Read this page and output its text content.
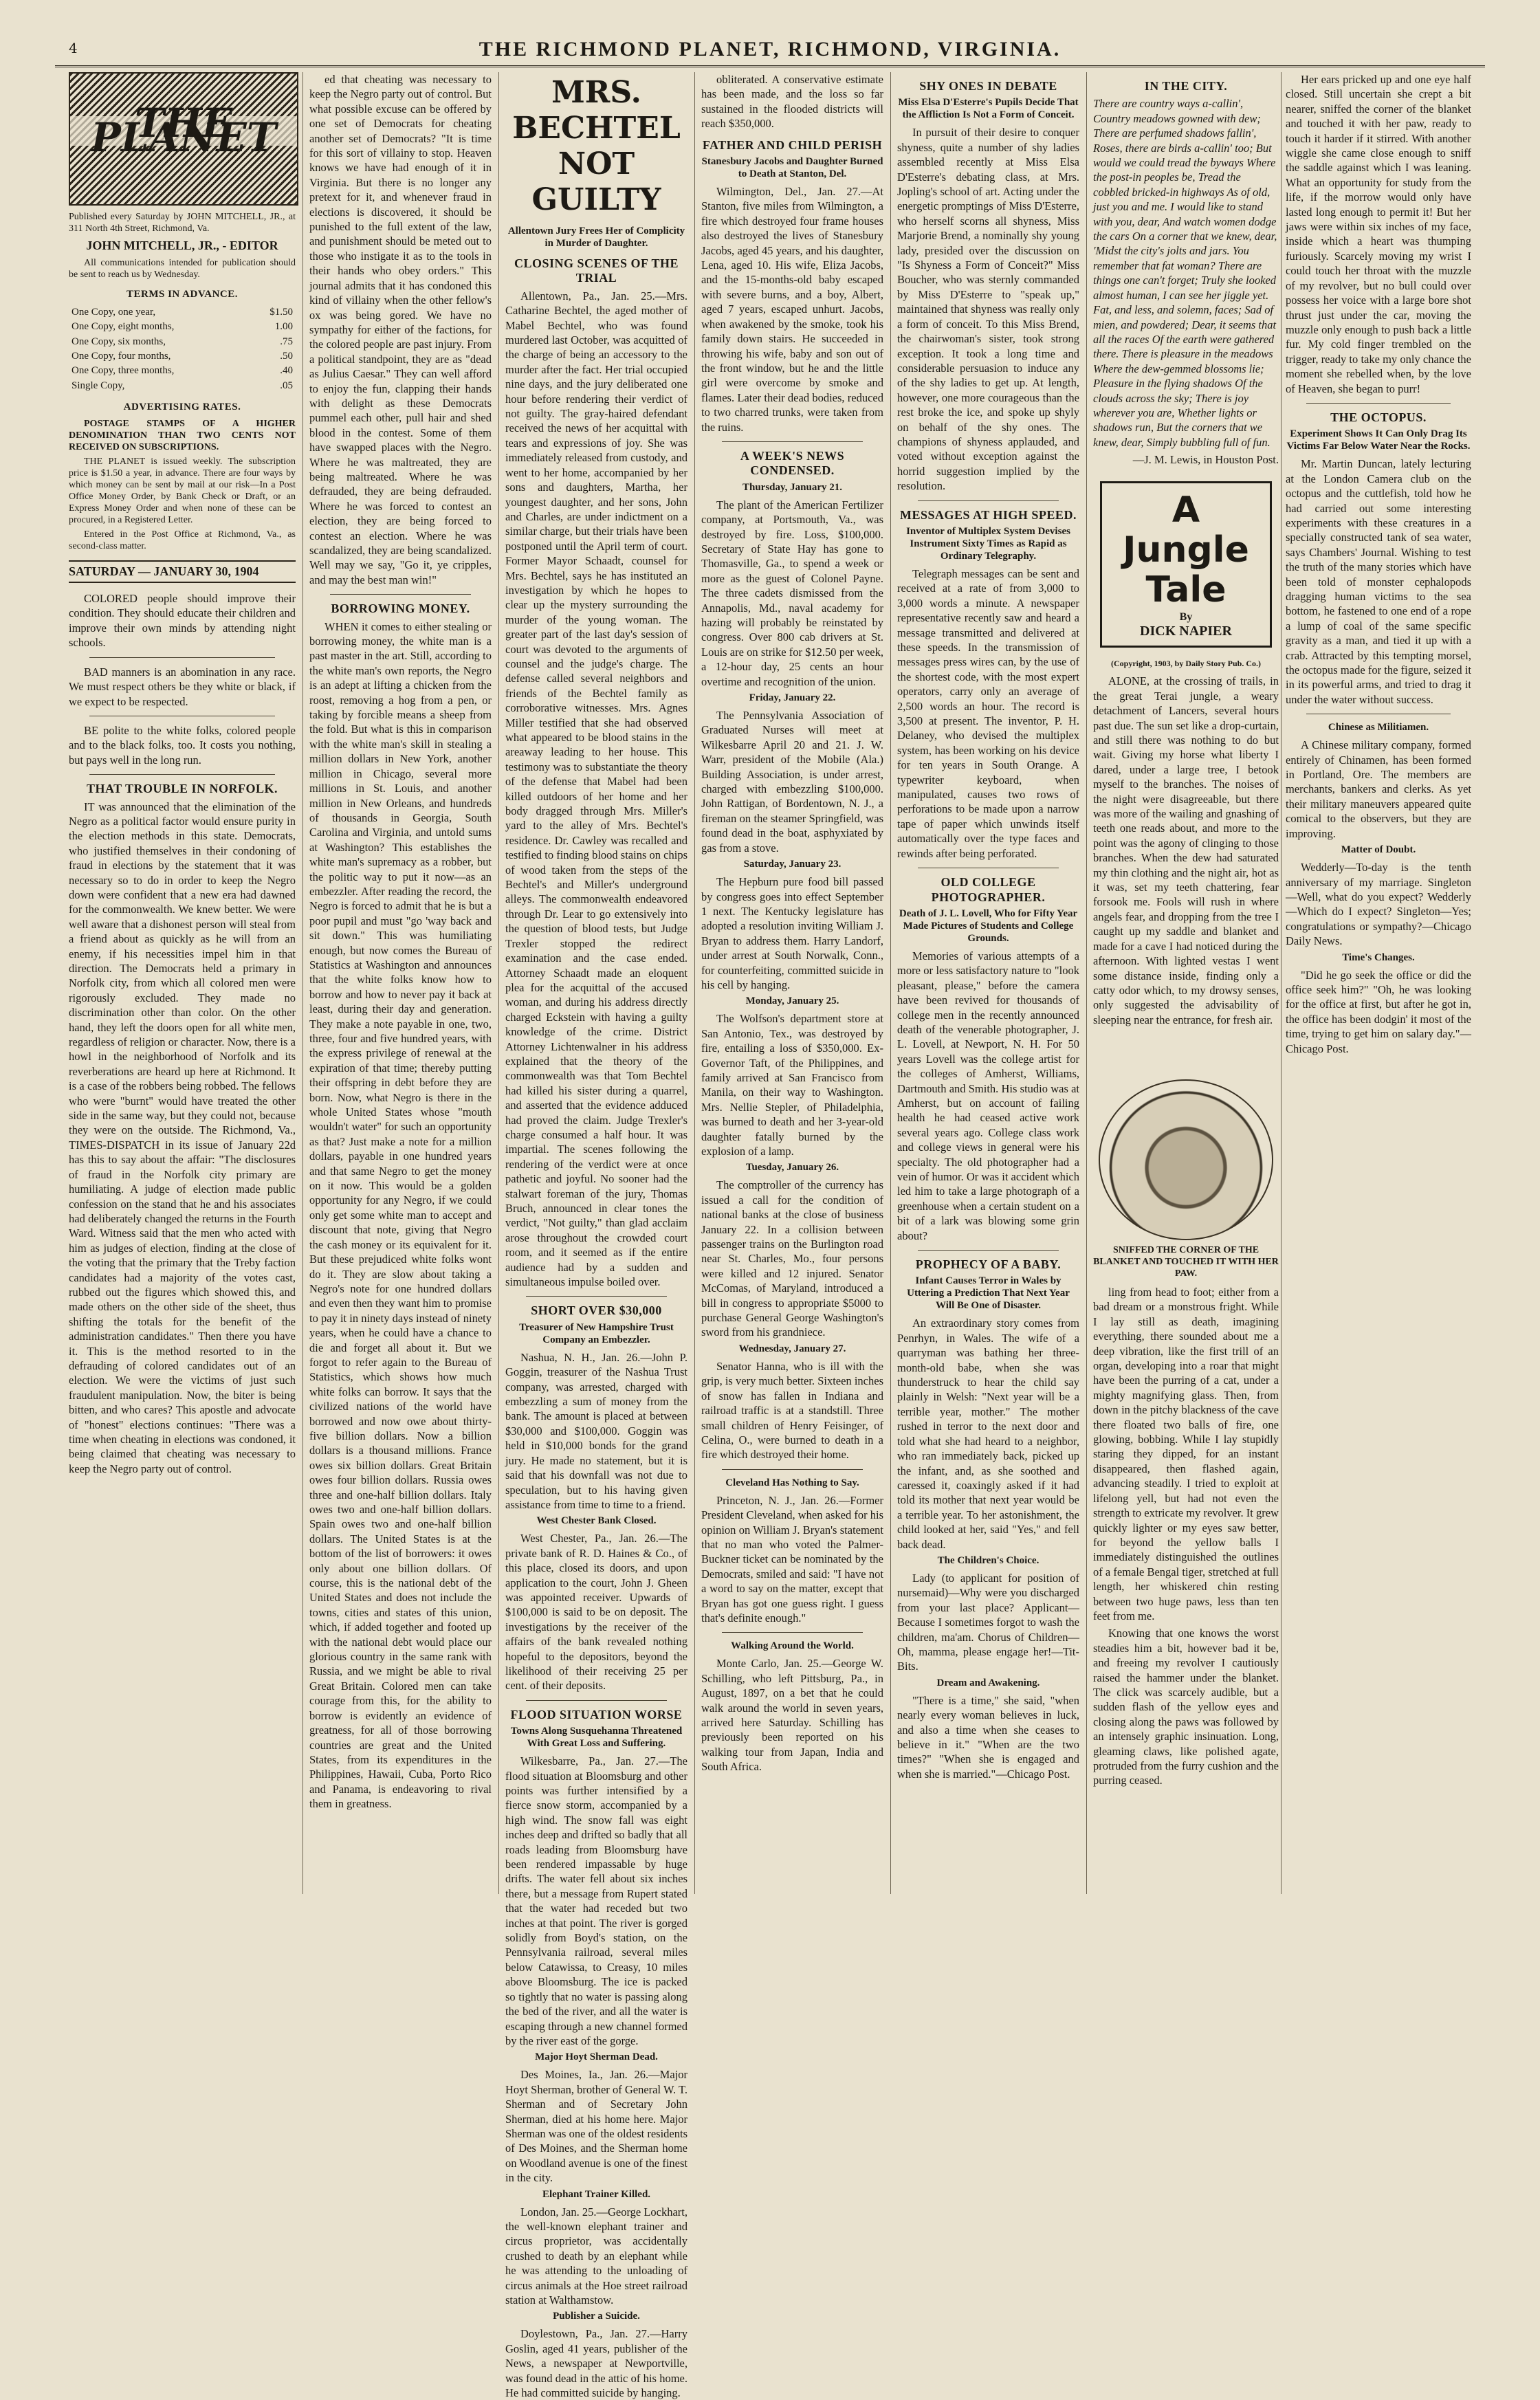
4	THE RICHMOND PLANET, RICHMOND, VIRGINIA.
THE PLANET

Published every Saturday by JOHN MITCHELL, JR., at 311 North 4th Street, Richmond, Va.

JOHN MITCHELL, JR., - EDITOR

All communications intended for publication should be sent to reach us by Wednesday.

TERMS IN ADVANCE.
One Copy, one year,	$1.50
One Copy, eight months,	1.00
One Copy, six months,	.75
One Copy, four months,	.50
One Copy, three months,	.40
Single Copy,	.05
ADVERTISING RATES.

POSTAGE STAMPS OF A HIGHER DENOMINATION THAN TWO CENTS NOT RECEIVED ON SUBSCRIPTIONS.

THE PLANET is issued weekly. The subscription price is $1.50 a year, in advance. There are four ways by which money can be sent by mail at our risk—In a Post Office Money Order, by Bank Check or Draft, or an Express Money Order and when none of these can be procured, in a Registered Letter.

Entered in the Post Office at Richmond, Va., as second-class matter.

SATURDAY — JANUARY 30, 1904

COLORED people should improve their condition. They should educate their children and improve their own minds by attending night schools.

BAD manners is an abomination in any race. We must respect others be they white or black, if we expect to be respected.

BE polite to the white folks, colored people and to the black folks, too. It costs you nothing, but pays well in the long run.

THAT TROUBLE IN NORFOLK.

IT was announced that the elimination of the Negro as a political factor would ensure purity in the election methods in this state. Democrats, who justified themselves in their condoning of fraud in elections by the statement that it was necessary so to do in order to keep the Negro down were confident that a new era had dawned for the commonwealth. We knew better. We were well aware that a dishonest person will steal from a friend about as quickly as he will from an enemy, if his necessities impel him in that direction. The Democrats held a primary in Norfolk city, from which all colored men were rigorously excluded. They made no discrimination other than color. On the other hand, they left the doors open for all white men, regardless of religion or character. Now, there is a howl in the neighborhood of Norfolk and its reverberations are heard up here at Richmond. It is a case of the robbers being robbed. The fellows who were "burnt" would have treated the other side in the same way, but they could not, because they were on the outside. The Richmond, Va., TIMES-DISPATCH in its issue of January 22d has this to say about the affair: "The disclosures of fraud in the Norfolk city primary are humiliating. A judge of election made public confession on the stand that he and his associates had deliberately changed the returns in the Fourth Ward. Witness said that the men who acted with him as judges of election, finding at the close of the voting that the primary that the Treby faction candidates had a majority of the votes cast, rubbed out the figures which showed this, and made others on the other side of the sheet, thus shifting the totals for the benefit of the administration candidates." Then there you have it. This is the method resorted to in the defrauding of colored candidates out of an election. We were the victims of just such fraudulent manipulation. Now, the biter is being bitten, and who cares? This apostle and advocate of "honest" elections continues: "There was a time when cheating in elections was condoned, it being claimed that cheating was necessary to keep the Negro party out of control.

ed that cheating was necessary to keep the Negro party out of control. But what possible excuse can be offered by one set of Democrats for cheating another set of Democrats? "It is time for this sort of villainy to stop. Heaven knows we have had enough of it in Virginia. But there is no longer any pretext for it, and whenever fraud in elections is discovered, it should be punished to the full extent of the law, and punishment should be meted out to those who instigate it as to the tools in their hands who obey orders." This journal admits that it has condoned this kind of villainy when the other fellow's ox was being gored. We have no sympathy for either of the factions, for the colored people are past injury. From a political standpoint, they are as "dead as Julius Caesar." They can well afford to enjoy the fun, clapping their hands with delight as these Democrats pummel each other, pull hair and shed blood in the contest. Some of them have swapped places with the Negro. Where he was maltreated, they are being maltreated. Where he was defrauded, they are being defrauded. Where he was forced to contest an election, they are being forced to contest an election. Where he was scandalized, they are being scandalized. Well may we say, "Go it, ye cripples, and may the best man win!"

BORROWING MONEY.

WHEN it comes to either stealing or borrowing money, the white man is a past master in the art. Still, according to the white man's own reports, the Negro is an adept at lifting a chicken from the roost, removing a hog from a pen, or taking by forcible means a sheep from the fold. But what is this in comparison with the white man's skill in stealing a million dollars in New York, another million in Chicago, several more millions in St. Louis, and another million in New Orleans, and hundreds of thousands in Georgia, South Carolina and Virginia, and untold sums at Washington? This establishes the white man's supremacy as a robber, but the politic way to put it now—as an embezzler. After reading the record, the Negro is forced to admit that he is but a poor pupil and must "go 'way back and sit down." This was humiliating enough, but now comes the Bureau of Statistics at Washington and announces that the white folks know how to borrow and how to never pay it back at least, during their day and generation. They make a note payable in one, two, three, four and five hundred years, with the express privilege of renewal at the expiration of that time; thereby putting their offspring in debt before they are born. Now, what Negro is there in the whole United States whose "mouth wouldn't water" for such an opportunity as that? Just make a note for a million dollars, payable in one hundred years and that same Negro to get the money on it now. This would be a golden opportunity for any Negro, if we could only get some white man to accept and discount that note, giving that Negro the cash money or its equivalent for it. But these prejudiced white folks wont do it. They are slow about taking a Negro's note for one hundred dollars and even then they want him to promise to pay it in ninety days instead of ninety years, when he could have a chance to die and forget all about it. But we forgot to refer again to the Bureau of Statistics, which shows how much white folks can borrow. It says that the civilized nations of the world have borrowed and now owe about thirty-five billion dollars. Now a billion dollars is a thousand millions. France owes six billion dollars. Great Britain owes four billion dollars. Russia owes three and one-half billion dollars. Italy owes two and one-half billion dollars. Spain owes two and one-half billion dollars. The United States is at the bottom of the list of borrowers: it owes only about one billion dollars. Of course, this is the national debt of the United States and does not include the towns, cities and states of this union, which, if added together and footed up with the national debt would place our glorious country in the same rank with Russia, and we might be able to rival Great Britain. Colored men can take courage from this, for the ability to borrow is evidently an evidence of greatness, for all of those borrowing countries are great and the United States, from its expenditures in the Philippines, Hawaii, Cuba, Porto Rico and Panama, is endeavoring to rival them in greatness.

MRS. BECHTEL NOT GUILTY
Allentown Jury Frees Her of Complicity in Murder of Daughter.
CLOSING SCENES OF THE TRIAL

Allentown, Pa., Jan. 25.—Mrs. Catharine Bechtel, the aged mother of Mabel Bechtel, who was found murdered last October, was acquitted of the charge of being an accessory to the murder after the fact. Her trial occupied nine days, and the jury deliberated one hour before rendering their verdict of not guilty. The gray-haired defendant received the news of her acquittal with tears and expressions of joy. She was immediately released from custody, and went to her home, accompanied by her sons and daughters, Martha, her youngest daughter, and her sons, John and Charles, are under indictment on a similar charge, but their trials have been postponed until the April term of court. Former Mayor Schaadt, counsel for Mrs. Bechtel, says he has instituted an investigation by which he hopes to clear up the mystery surrounding the murder of the young woman. The greater part of the last day's session of court was devoted to the arguments of counsel and the judge's charge. The defense called several neighbors and friends of the Bechtel family as corroborative witnesses. Mrs. Agnes Miller testified that she had observed what appeared to be blood stains in the areaway leading to her house. This testimony was to substantiate the theory of the defense that Mabel had been killed outdoors of her home and her body dragged through Mrs. Miller's yard to the alley of Mrs. Bechtel's residence. Dr. Cawley was recalled and testified to finding blood stains on chips of wood taken from the steps of the Bechtel's and Miller's underground alleys. The commonwealth endeavored through Dr. Lear to go extensively into the question of blood tests, but Judge Trexler stopped the redirect examination and the case ended. Attorney Schaadt made an eloquent plea for the acquittal of the accused woman, and during his address directly charged Eckstein with having a guilty knowledge of the crime. District Attorney Lichtenwalner in his address explained that the theory of the commonwealth was that Tom Bechtel had killed his sister during a quarrel, and asserted that the evidence adduced had proved the claim. Judge Trexler's charge consumed a half hour. It was impartial. The scenes following the rendering of the verdict were at once pathetic and joyful. No sooner had the stalwart foreman of the jury, Thomas Bruch, announced in clear tones the verdict, "Not guilty," than glad acclaim arose throughout the crowded court room, and it seemed as if the entire audience had by a sudden and simultaneous impulse boiled over.

SHORT OVER $30,000
Treasurer of New Hampshire Trust Company an Embezzler.

Nashua, N. H., Jan. 26.—John P. Goggin, treasurer of the Nashua Trust company, was arrested, charged with embezzling a sum of money from the bank. The amount is placed at between $30,000 and $100,000. Goggin was held in $10,000 bonds for the grand jury. He made no statement, but it is said that his downfall was not due to speculation, but to his having given assistance from time to time to a friend.

West Chester Bank Closed.

West Chester, Pa., Jan. 26.—The private bank of R. D. Haines & Co., of this place, closed its doors, and upon application to the court, John J. Gheen was appointed receiver. Upwards of $100,000 is said to be on deposit. The investigations by the receiver of the affairs of the bank revealed nothing hopeful to the depositors, beyond the likelihood of their receiving 25 per cent. of their deposits.

FLOOD SITUATION WORSE
Towns Along Susquehanna Threatened With Great Loss and Suffering.

Wilkesbarre, Pa., Jan. 27.—The flood situation at Bloomsburg and other points was further intensified by a fierce snow storm, accompanied by a high wind. The snow fall was eight inches deep and drifted so badly that all roads leading from Bloomsburg have been rendered impassable by huge drifts. The water fell about six inches there, but a message from Rupert stated that the water had receded but two inches at that point. The river is gorged solidly from Boyd's station, on the Pennsylvania railroad, several miles below Catawissa, to Creasy, 10 miles above Bloomsburg. The ice is packed so tightly that no water is passing along the bed of the river, and all the water is escaping through a new channel formed by the river east of the gorge.

Major Hoyt Sherman Dead.

Des Moines, Ia., Jan. 26.—Major Hoyt Sherman, brother of General W. T. Sherman and of Secretary John Sherman, died at his home here. Major Sherman was one of the oldest residents of Des Moines, and the Sherman home on Woodland avenue is one of the finest in the city.

Elephant Trainer Killed.

London, Jan. 25.—George Lockhart, the well-known elephant trainer and circus proprietor, was accidentally crushed to death by an elephant while he was attending to the unloading of circus animals at the Hoe street railroad station at Walthamstow.

Publisher a Suicide.

Doylestown, Pa., Jan. 27.—Harry Goslin, aged 41 years, publisher of the News, a newspaper at Newportville, was found dead in the attic of his home. He had committed suicide by hanging.

obliterated. A conservative estimate has been made, and the loss so far sustained in the flooded districts will reach $350,000.

FATHER AND CHILD PERISH
Stanesbury Jacobs and Daughter Burned to Death at Stanton, Del.

Wilmington, Del., Jan. 27.—At Stanton, five miles from Wilmington, a fire which destroyed four frame houses also destroyed the lives of Stanesbury Jacobs, aged 45 years, and his daughter, Lena, aged 10. His wife, Eliza Jacobs, and the 15-months-old baby escaped with severe burns, and a boy, Albert, aged 7 years, escaped unhurt. Jacobs, when awakened by the smoke, took his family down stairs. He succeeded in throwing his wife, baby and son out of the front window, but he and the little girl were overcome by smoke and flames. Later their dead bodies, reduced to two charred trunks, were taken from the ruins.

A WEEK'S NEWS CONDENSED.
Thursday, January 21.

The plant of the American Fertilizer company, at Portsmouth, Va., was destroyed by fire. Loss, $100,000. Secretary of State Hay has gone to Thomasville, Ga., to spend a week or more as the guest of Colonel Payne. The three cadets dismissed from the Annapolis, Md., naval academy for hazing will probably be reinstated by congress. Over 800 cab drivers at St. Louis are on strike for $12.50 per week, a 12-hour day, 25 cents an hour overtime and recognition of the union.

Friday, January 22.

The Pennsylvania Association of Graduated Nurses will meet at Wilkesbarre April 20 and 21. J. W. Warr, president of the Mobile (Ala.) Building Association, is under arrest, charged with embezzling $100,000. John Rattigan, of Bordentown, N. J., a fireman on the steamer Springfield, was found dead in the boat, asphyxiated by gas from a stove.

Saturday, January 23.

The Hepburn pure food bill passed by congress goes into effect September 1 next. The Kentucky legislature has adopted a resolution inviting William J. Bryan to address them. Harry Landorf, under arrest at South Norwalk, Conn., for counterfeiting, committed suicide in his cell by hanging.

Monday, January 25.

The Wolfson's department store at San Antonio, Tex., was destroyed by fire, entailing a loss of $350,000. Ex-Governor Taft, of the Philippines, and family arrived at San Francisco from Manila, on their way to Washington. Mrs. Nellie Stepler, of Philadelphia, was burned to death and her 3-year-old daughter fatally burned by the explosion of a lamp.

Tuesday, January 26.

The comptroller of the currency has issued a call for the condition of national banks at the close of business January 22. In a collision between passenger trains on the Burlington road near St. Charles, Mo., four persons were killed and 12 injured. Senator McComas, of Maryland, introduced a bill in congress to appropriate $5000 to purchase General George Washington's sword from his grandniece.

Wednesday, January 27.

Senator Hanna, who is ill with the grip, is very much better. Sixteen inches of snow has fallen in Indiana and railroad traffic is at a standstill. Three small children of Henry Feisinger, of Celina, O., were burned to death in a fire which destroyed their home.

Cleveland Has Nothing to Say.

Princeton, N. J., Jan. 26.—Former President Cleveland, when asked for his opinion on William J. Bryan's statement that no man who voted the Palmer-Buckner ticket can be nominated by the Democrats, smiled and said: "I have not a word to say on the matter, except that Bryan has got one guess right. I guess that's definite enough."

Walking Around the World.

Monte Carlo, Jan. 25.—George W. Schilling, who left Pittsburg, Pa., in August, 1897, on a bet that he could walk around the world in seven years, arrived here Saturday. Schilling has previously been reported on his walking tour from Japan, India and South Africa.

SHY ONES IN DEBATE
Miss Elsa D'Esterre's Pupils Decide That the Affliction Is Not a Form of Conceit.

In pursuit of their desire to conquer shyness, quite a number of shy ladies assembled recently at Miss Elsa D'Esterre's debating class, at Mrs. Jopling's school of art. Acting under the energetic promptings of Miss D'Esterre, who herself scorns all shyness, Miss Marjorie Brend, a nominally shy young lady, presided over the discussion on "Is Shyness a Form of Conceit?" Miss Boucher, who was sternly commanded by Miss D'Esterre to "speak up," maintained that shyness was really only a form of conceit. To this Miss Brend, the chairwoman's sister, took strong exception. It took a long time and considerable persuasion to induce any of the shy ladies to get up. At length, however, one more courageous than the rest broke the ice, and spoke up shyly on behalf of the shy ones. The champions of shyness applauded, and voted without exception against the horrid suggestion implied by the resolution.

MESSAGES AT HIGH SPEED.
Inventor of Multiplex System Devises Instrument Sixty Times as Rapid as Ordinary Telegraphy.

Telegraph messages can be sent and received at a rate of from 3,000 to 3,000 words a minute. A newspaper representative recently saw and heard a message transmitted and delivered at these speeds. In the transmission of messages press wires can, by the use of the shortest code, with the most expert operators, carry only an average of 2,500 words an hour. The record is 3,500 at present. The inventor, P. H. Delaney, who devised the multiplex system, has been working on his device for ten years in South Orange. A typewriter keyboard, when manipulated, causes two rows of perforations to be made upon a narrow tape of paper which unwinds itself automatically over the type faces and rewinds after being perforated.

OLD COLLEGE PHOTOGRAPHER.
Death of J. L. Lovell, Who for Fifty Year Made Pictures of Students and College Grounds.

Memories of various attempts of a more or less satisfactory nature to "look pleasant, please," before the camera have been revived for thousands of college men in the recently announced death of the venerable photographer, J. L. Lovell, at Newport, N. H. For 50 years Lovell was the college artist for the colleges of Amherst, Williams, Dartmouth and Smith. His studio was at Amherst, but on account of failing health he had ceased active work several years ago. College class work and college views in general were his specialty. The old photographer had a vein of humor. Or was it accident which led him to take a large photograph of a greenhouse when a certain student on a bit of a lark was blowing some grin about?

PROPHECY OF A BABY.
Infant Causes Terror in Wales by Uttering a Prediction That Next Year Will Be One of Disaster.

An extraordinary story comes from Penrhyn, in Wales. The wife of a quarryman was bathing her three-month-old babe, when she was thunderstruck to hear the child say plainly in Welsh: "Next year will be a terrible year, mother." The mother rushed in terror to the next door and told what she had heard to a neighbor, who ran immediately back, picked up the infant, and, as she soothed and caressed it, coaxingly asked if it had told its mother that next year would be a terrible year. To her astonishment, the child looked at her, said "Yes," and fell back dead.

The Children's Choice.

Lady (to applicant for position of nursemaid)—Why were you discharged from your last place? Applicant—Because I sometimes forgot to wash the children, ma'am. Chorus of Children—Oh, mamma, please engage her!—Tit-Bits.

Dream and Awakening.

"There is a time," she said, "when nearly every woman believes in luck, and also a time when she ceases to believe in it." "When are the two times?" "When she is engaged and when she is married."—Chicago Post.

IN THE CITY.

There are country ways a-callin', Country meadows gowned with dew; There are perfumed shadows fallin', Roses, there are birds a-callin' too; But would we could tread the byways Where the post-in peoples be, Tread the cobbled bricked-in highways As of old, just you and me. I would like to stand with you, dear, And watch women dodge the cars On a corner that we knew, dear, 'Midst the city's jolts and jars. You remember that fat woman? There are things one can't forget; Truly she looked almost human, I can see her jiggle yet. Fat, and less, and solemn, faces; Sad of mien, and powdered; Dear, it seems that all the races Of the earth were gathered there. There is pleasure in the meadows Where the dew-gemmed blossoms lie; Pleasure in the flying shadows Of the clouds across the sky; There is joy wherever you are, Whether lights or shadows run, But the corners that we knew, dear, Simply bubbling full of fun.

—J. M. Lewis, in Houston Post.

A Jungle Tale
By
DICK NAPIER
(Copyright, 1903, by Daily Story Pub. Co.)

ALONE, at the crossing of trails, in the great Terai jungle, a weary detachment of Lancers, several hours past due. The sun set like a drop-curtain, and still there was nothing to do but wait. Giving my horse what liberty I dared, under a large tree, I betook myself to the branches. The noises of the night were disagreeable, but there was more of the wailing and gnashing of teeth one reads about, and more to the point was the agony of clinging to those branches. When the dew had saturated my thin clothing and the night air, hot as it was, set my teeth chattering, fear forsook me. Fools will rush in where angels fear, and dropping from the tree I caught up my saddle and blanket and made for a cave I had noticed during the afternoon. With lighted vestas I went some distance inside, finding only a catty odor which, to my drowsy senses, only suggested the advisability of sleeping near the entrance, for fresh air.

Her ears pricked up and one eye half closed. Still uncertain she crept a bit nearer, sniffed the corner of the blanket and touched it with her paw, ready to touch it harder if it stirred. With another wiggle she came close enough to sniff the saddle against which I was leaning. What an opportunity for study from the life, if the morrow would only have lasted long enough to permit it! But her jaws were within six inches of my face, inside which a heart was thumping furiously. Scarcely moving my wrist I could touch her throat with the muzzle of my revolver, but no bull could over possess her voice with a large bore shot thrust just under the car, moving the muzzle only enough to push back a little fur. My cold finger trembled on the trigger, ready to take my only chance the moment she rebelled when, by the love of Heaven, she began to purr!

THE OCTOPUS.
Experiment Shows It Can Only Drag Its Victims Far Below Water Near the Rocks.

Mr. Martin Duncan, lately lecturing at the London Camera club on the octopus and the cuttlefish, told how he had carried out some interesting experiments with these creatures in a specially constructed tank of sea water, says Chambers' Journal. Wishing to test the truth of the many stories which have been told of monster cephalopods dragging human victims to the sea bottom, he fastened to one end of a rope a lump of coal of the same specific gravity as a man, and tied it up with a crab. Attracted by this tempting morsel, the octopus made for the figure, seized it in its powerful arms, and tried to drag it under the water without success.

Chinese as Militiamen.

A Chinese military company, formed entirely of Chinamen, has been formed in Portland, Ore. The members are merchants, bankers and clerks. As yet their military maneuvers appeared quite comical to the observers, but they are improving.

Matter of Doubt.

Wedderly—To-day is the tenth anniversary of my marriage. Singleton—Well, what do you expect? Wedderly—Which do I expect? Singleton—Yes; congratulations or sympathy?—Chicago Daily News.

Time's Changes.

"Did he go seek the office or did the office seek him?" "Oh, he was looking for the office at first, but after he got in, the office has been dodgin' it most of the time, trying to get him on salary day."—Chicago Post.

SNIFFED THE CORNER OF THE BLANKET AND TOUCHED IT WITH HER PAW.

ling from head to foot; either from a bad dream or a monstrous fright. While I lay still as death, imagining everything, there sounded about me a deep vibration, like the first trill of an organ, developing into a roar that might have been the purring of a cat, under a mighty magnifying glass. Then, from down in the pitchy blackness of the cave there floated two balls of fire, one glowing, bobbing. While I lay stupidly staring they dipped, for an instant disappeared, then flashed again, advancing steadily. I tried to exploit at lifelong yell, but had not even the strength to extricate my revolver. It grew quickly lighter or my eyes saw better, for beyond the yellow balls I immediately distinguished the outlines of a female Bengal tiger, stretched at full length, her whiskered chin resting between two huge paws, less than ten feet from me.

Knowing that one knows the worst steadies him a bit, however bad it be, and freeing my revolver I cautiously raised the hammer under the blanket. The click was scarcely audible, but a sudden flash of the yellow eyes and closing along the paws was followed by an intensely graphic insinuation. Long, gleaming claws, like polished agate, protruded from the furry cushion and the purring ceased.
